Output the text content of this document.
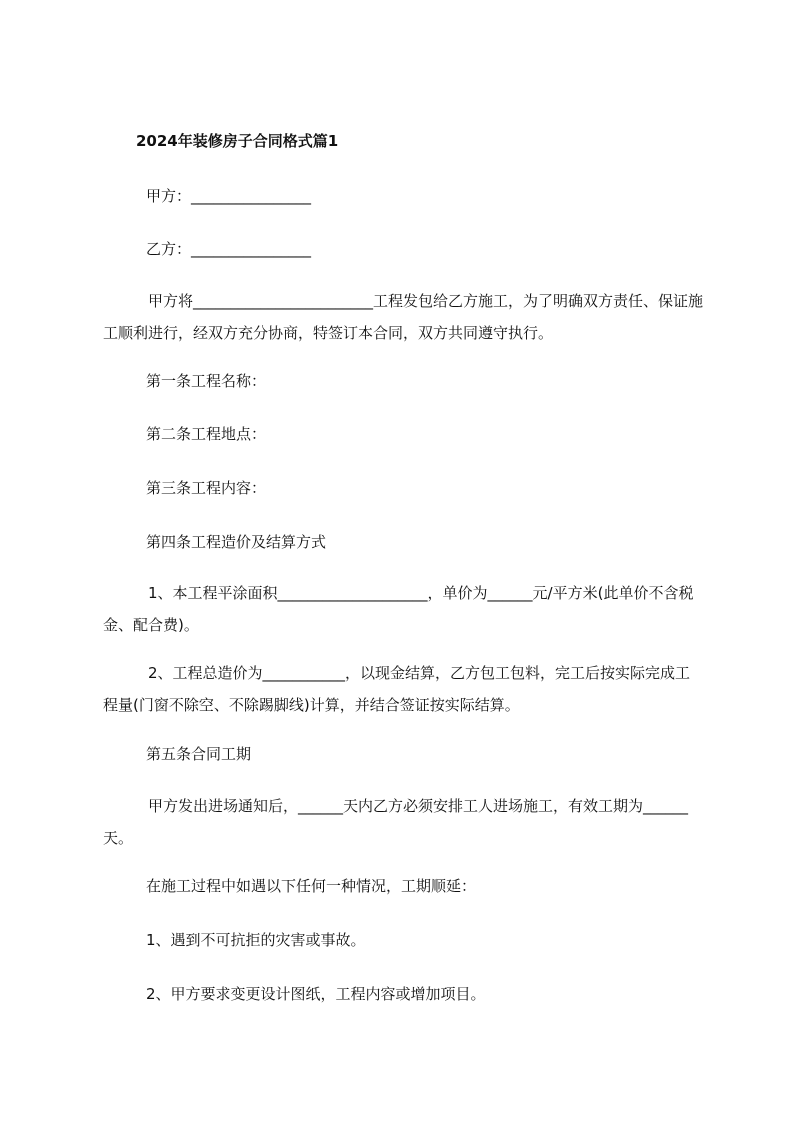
2024年装修房子合同格式篇1
甲方：________________
乙方：________________
甲方将________________________工程发包给乙方施工，为了明确双方责任、保证施工顺利进行，经双方充分协商，特签订本合同，双方共同遵守执行。
第一条工程名称：
第二条工程地点：
第三条工程内容：
第四条工程造价及结算方式
1、本工程平涂面积____________________，单价为______元/平方米(此单价不含税金、配合费)。
2、工程总造价为___________，以现金结算，乙方包工包料，完工后按实际完成工程量(门窗不除空、不除踢脚线)计算，并结合签证按实际结算。
第五条合同工期
甲方发出进场通知后，______天内乙方必须安排工人进场施工，有效工期为______天。
在施工过程中如遇以下任何一种情况，工期顺延：
1、遇到不可抗拒的灾害或事故。
2、甲方要求变更设计图纸，工程内容或增加项目。
